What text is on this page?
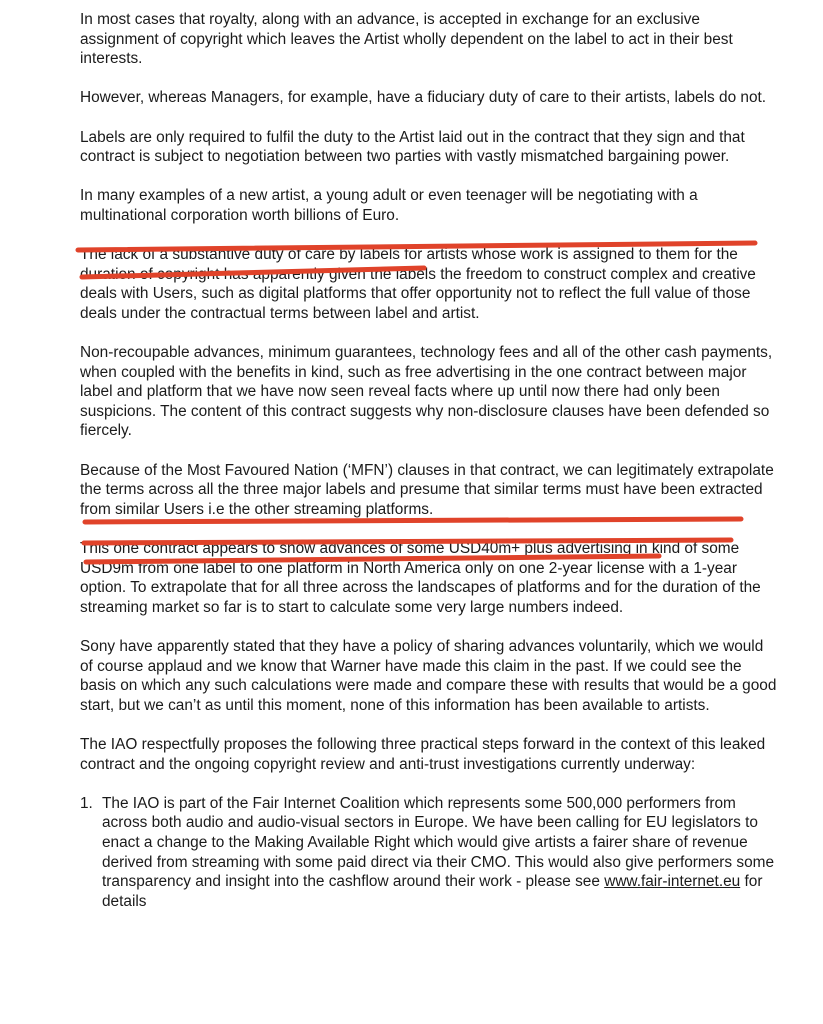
In most cases that royalty, along with an advance, is accepted in exchange for an exclusive assignment of copyright which leaves the Artist wholly dependent on the label to act in their best interests.

However, whereas Managers, for example, have a fiduciary duty of care to their artists, labels do not.

Labels are only required to fulfil the duty to the Artist laid out in the contract that they sign and that contract is subject to negotiation between two parties with vastly mismatched bargaining power.

In many examples of a new artist, a young adult or even teenager will be negotiating with a multinational corporation worth billions of Euro.

The lack of a substantive duty of care by labels for artists whose work is assigned to them for the duration of copyright has apparently given the labels the freedom to construct complex and creative deals with Users, such as digital platforms that offer opportunity not to reflect the full value of those deals under the contractual terms between label and artist.

Non-recoupable advances, minimum guarantees, technology fees and all of the other cash payments, when coupled with the benefits in kind, such as free advertising in the one contract between major label and platform that we have now seen reveal facts where up until now there had only been suspicions. The content of this contract suggests why non-disclosure clauses have been defended so fiercely.

Because of the Most Favoured Nation (‘MFN’) clauses in that contract, we can legitimately extrapolate the terms across all the three major labels and presume that similar terms must have been extracted from similar Users i.e the other streaming platforms.

This one contract appears to show advances of some USD40m+ plus advertising in kind of some USD9m from one label to one platform in North America only on one 2-year license with a 1-year option. To extrapolate that for all three across the landscapes of platforms and for the duration of the streaming market so far is to start to calculate some very large numbers indeed.

Sony have apparently stated that they have a policy of sharing advances voluntarily, which we would of course applaud and we know that Warner have made this claim in the past. If we could see the basis on which any such calculations were made and compare these with results that would be a good start, but we can’t as until this moment, none of this information has been available to artists.

The IAO respectfully proposes the following three practical steps forward in the context of this leaked contract and the ongoing copyright review and anti-trust investigations currently underway:

1. The IAO is part of the Fair Internet Coalition which represents some 500,000 performers from across both audio and audio-visual sectors in Europe. We have been calling for EU legislators to enact a change to the Making Available Right which would give artists a fairer share of revenue derived from streaming with some paid direct via their CMO. This would also give performers some transparency and insight into the cashflow around their work - please see www.fair-internet.eu for details
